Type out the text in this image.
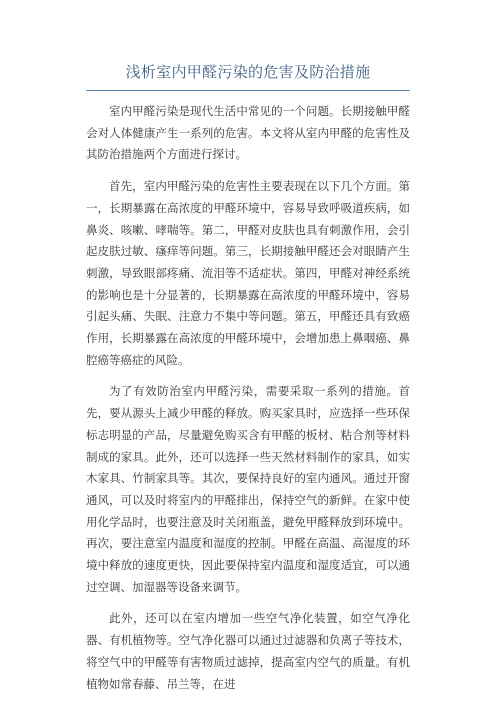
浅析室内甲醛污染的危害及防治措施

室内甲醛污染是现代生活中常见的一个问题。长期接触甲醛会对人体健康产生一系列的危害。本文将从室内甲醛的危害性及其防治措施两个方面进行探讨。

首先，室内甲醛污染的危害性主要表现在以下几个方面。第一，长期暴露在高浓度的甲醛环境中，容易导致呼吸道疾病，如鼻炎、咳嗽、哮喘等。第二，甲醛对皮肤也具有刺激作用，会引起皮肤过敏、瘙痒等问题。第三，长期接触甲醛还会对眼睛产生刺激，导致眼部疼痛、流泪等不适症状。第四，甲醛对神经系统的影响也是十分显著的，长期暴露在高浓度的甲醛环境中，容易引起头痛、失眠、注意力不集中等问题。第五，甲醛还具有致癌作用，长期暴露在高浓度的甲醛环境中，会增加患上鼻咽癌、鼻腔癌等癌症的风险。

为了有效防治室内甲醛污染，需要采取一系列的措施。首先，要从源头上减少甲醛的释放。购买家具时，应选择一些环保标志明显的产品，尽量避免购买含有甲醛的板材、粘合剂等材料制成的家具。此外，还可以选择一些天然材料制作的家具，如实木家具、竹制家具等。其次，要保持良好的室内通风。通过开窗通风，可以及时将室内的甲醛排出，保持空气的新鲜。在家中使用化学品时，也要注意及时关闭瓶盖，避免甲醛释放到环境中。再次，要注意室内温度和湿度的控制。甲醛在高温、高湿度的环境中释放的速度更快，因此要保持室内温度和湿度适宜，可以通过空调、加湿器等设备来调节。

此外，还可以在室内增加一些空气净化装置，如空气净化器、有机植物等。空气净化器可以通过过滤器和负离子等技术，将空气中的甲醛等有害物质过滤掉，提高室内空气的质量。有机植物如常春藤、吊兰等，在进
